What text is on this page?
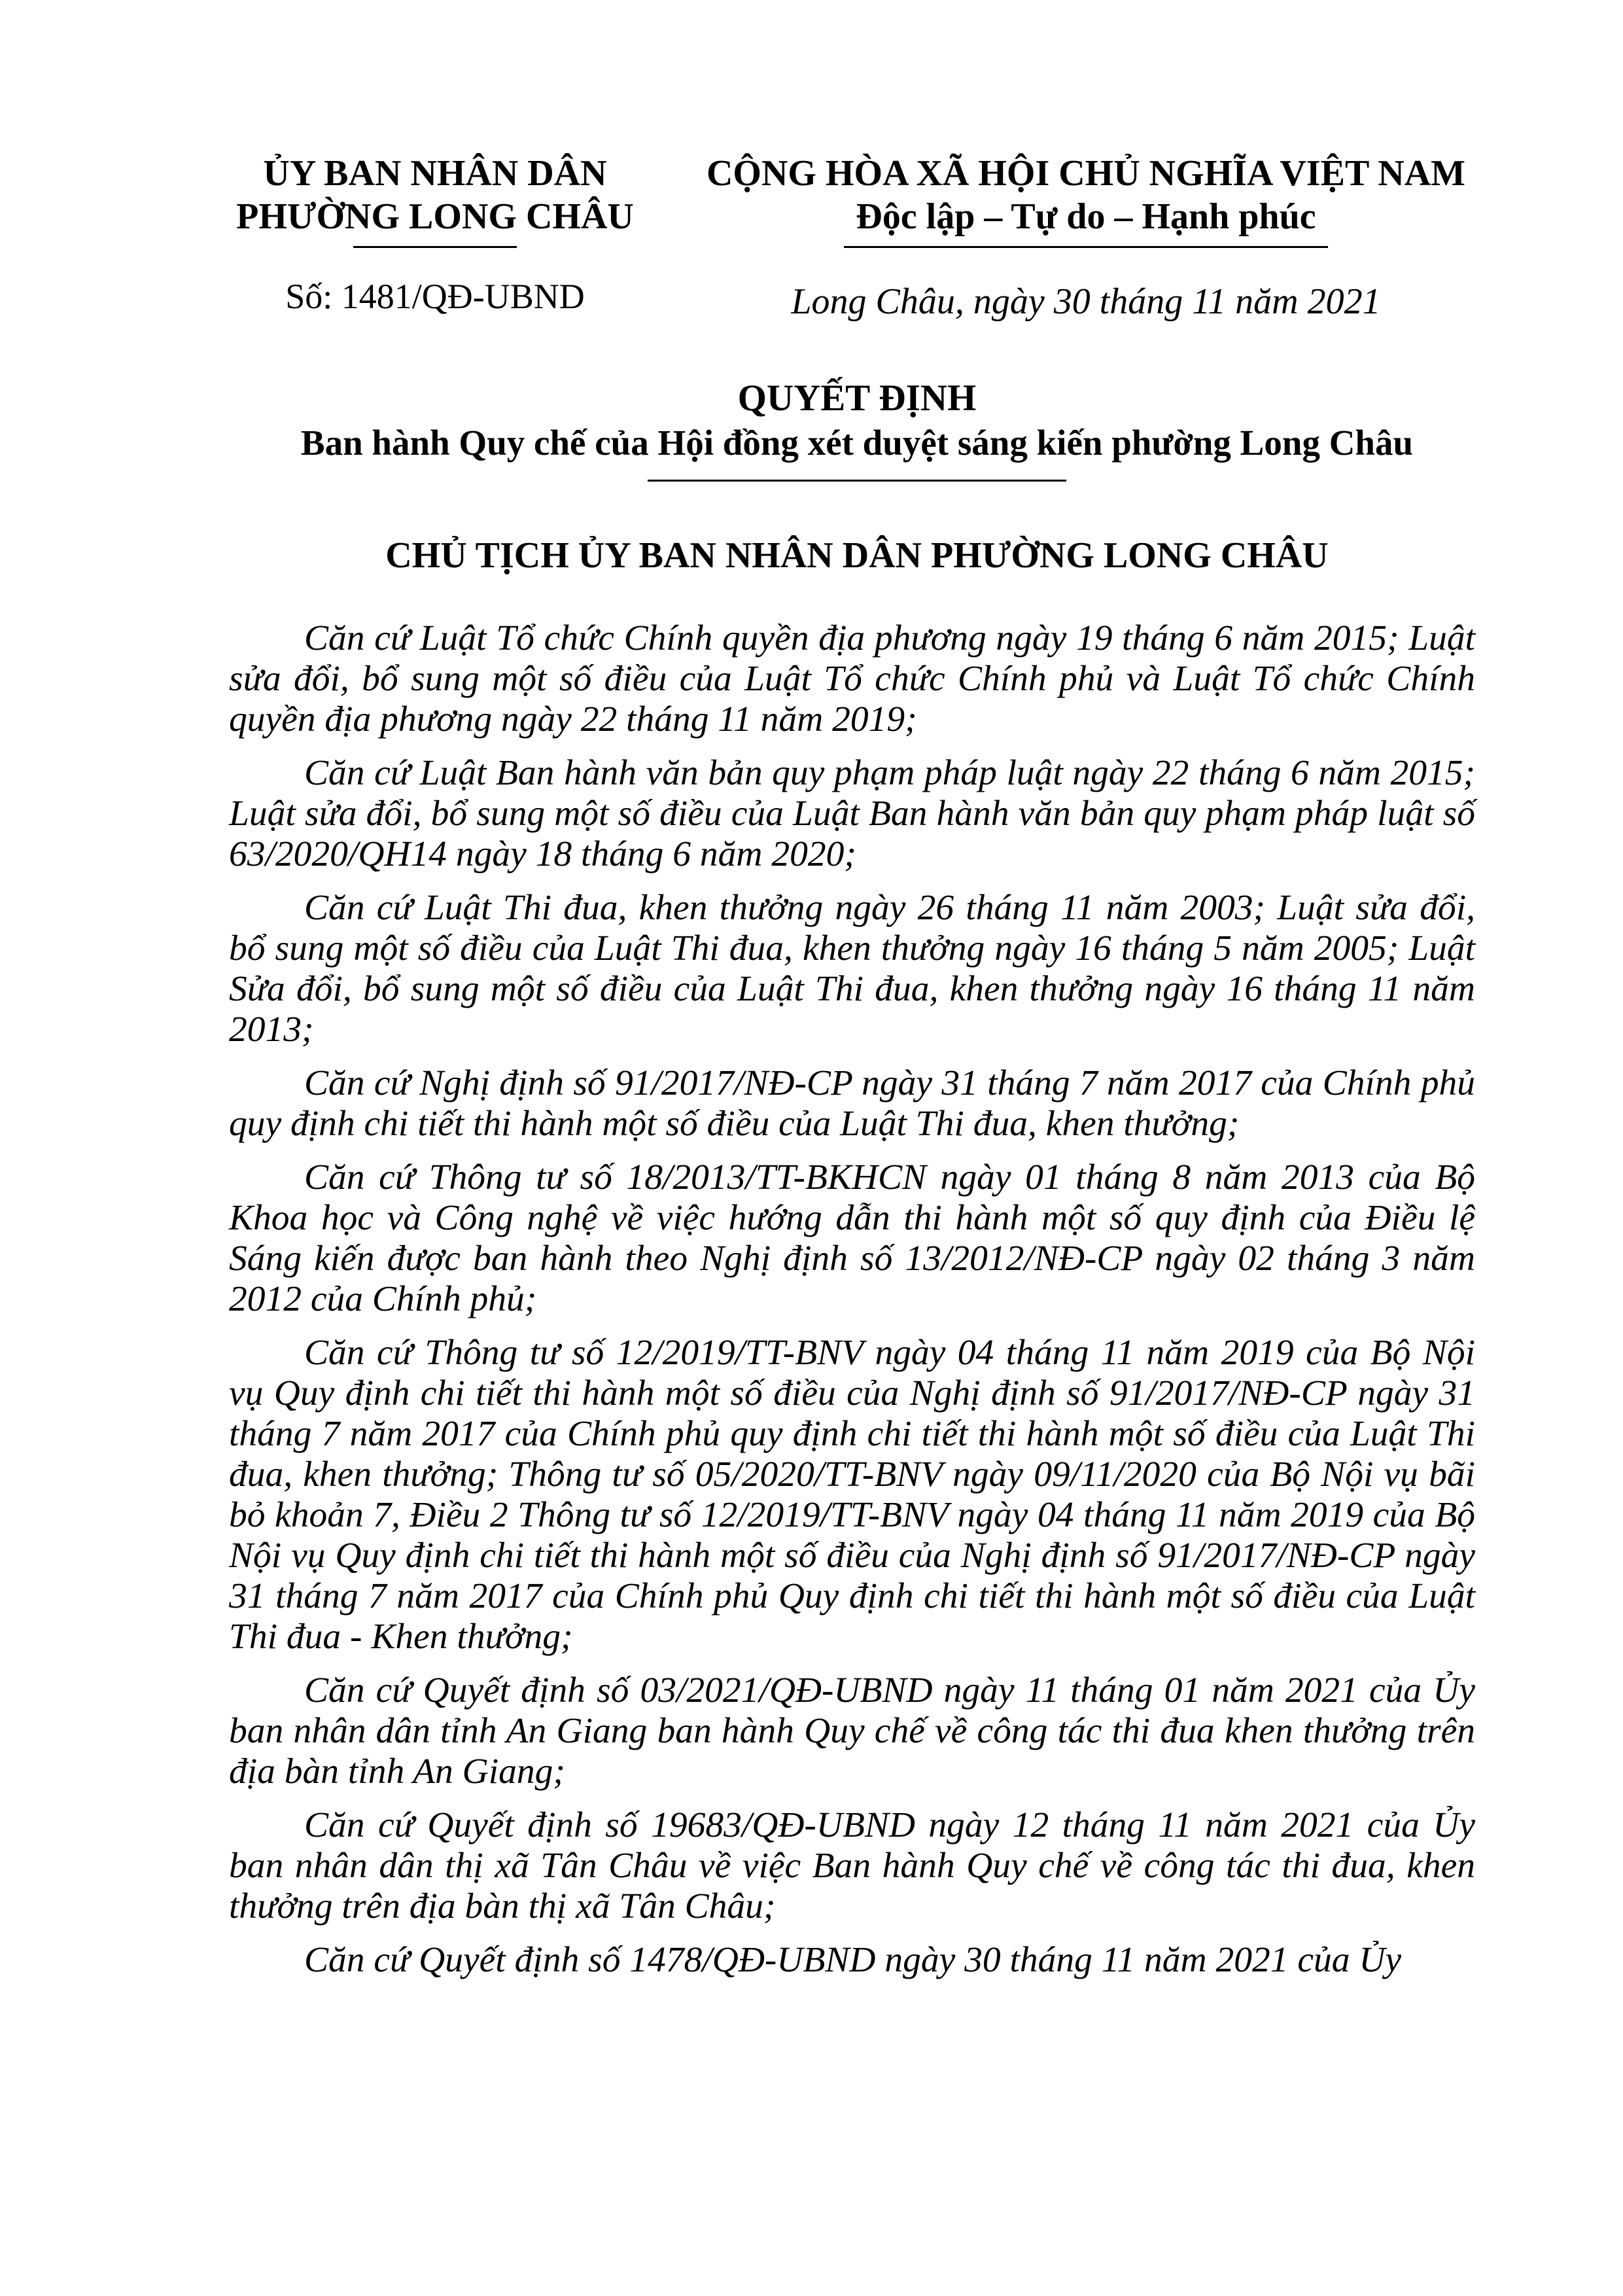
ỦY BAN NHÂN DÂN
PHƯỜNG LONG CHÂU
Số: 1481/QĐ-UBND
CỘNG HÒA XÃ HỘI CHỦ NGHĨA VIỆT NAM
Độc lập – Tự do – Hạnh phúc
Long Châu, ngày 30 tháng 11 năm 2021
QUYẾT ĐỊNH
Ban hành Quy chế của Hội đồng xét duyệt sáng kiến phường Long Châu
CHỦ TỊCH ỦY BAN NHÂN DÂN PHƯỜNG LONG CHÂU

Căn cứ Luật Tổ chức Chính quyền địa phương ngày 19 tháng 6 năm 2015; Luật sửa đổi, bổ sung một số điều của Luật Tổ chức Chính phủ và Luật Tổ chức Chính quyền địa phương ngày 22 tháng 11 năm 2019;

Căn cứ Luật Ban hành văn bản quy phạm pháp luật ngày 22 tháng 6 năm 2015; Luật sửa đổi, bổ sung một số điều của Luật Ban hành văn bản quy phạm pháp luật số 63/2020/QH14 ngày 18 tháng 6 năm 2020;

Căn cứ Luật Thi đua, khen thưởng ngày 26 tháng 11 năm 2003; Luật sửa đổi, bổ sung một số điều của Luật Thi đua, khen thưởng ngày 16 tháng 5 năm 2005; Luật Sửa đổi, bổ sung một số điều của Luật Thi đua, khen thưởng ngày 16 tháng 11 năm 2013;

Căn cứ Nghị định số 91/2017/NĐ-CP ngày 31 tháng 7 năm 2017 của Chính phủ quy định chi tiết thi hành một số điều của Luật Thi đua, khen thưởng;

Căn cứ Thông tư số 18/2013/TT-BKHCN ngày 01 tháng 8 năm 2013 của Bộ Khoa học và Công nghệ về việc hướng dẫn thi hành một số quy định của Điều lệ Sáng kiến được ban hành theo Nghị định số 13/2012/NĐ-CP ngày 02 tháng 3 năm 2012 của Chính phủ;

Căn cứ Thông tư số 12/2019/TT-BNV ngày 04 tháng 11 năm 2019 của Bộ Nội vụ Quy định chi tiết thi hành một số điều của Nghị định số 91/2017/NĐ-CP ngày 31 tháng 7 năm 2017 của Chính phủ quy định chi tiết thi hành một số điều của Luật Thi đua, khen thưởng; Thông tư số 05/2020/TT-BNV ngày 09/11/2020 của Bộ Nội vụ bãi bỏ khoản 7, Điều 2 Thông tư số 12/2019/TT-BNV ngày 04 tháng 11 năm 2019 của Bộ Nội vụ Quy định chi tiết thi hành một số điều của Nghị định số 91/2017/NĐ-CP ngày 31 tháng 7 năm 2017 của Chính phủ Quy định chi tiết thi hành một số điều của Luật Thi đua - Khen thưởng;

Căn cứ Quyết định số 03/2021/QĐ-UBND ngày 11 tháng 01 năm 2021 của Ủy ban nhân dân tỉnh An Giang ban hành Quy chế về công tác thi đua khen thưởng trên địa bàn tỉnh An Giang;

Căn cứ Quyết định số 19683/QĐ-UBND ngày 12 tháng 11 năm 2021 của Ủy ban nhân dân thị xã Tân Châu về việc Ban hành Quy chế về công tác thi đua, khen thưởng trên địa bàn thị xã Tân Châu;

Căn cứ Quyết định số 1478/QĐ-UBND ngày 30 tháng 11 năm 2021 của Ủy
